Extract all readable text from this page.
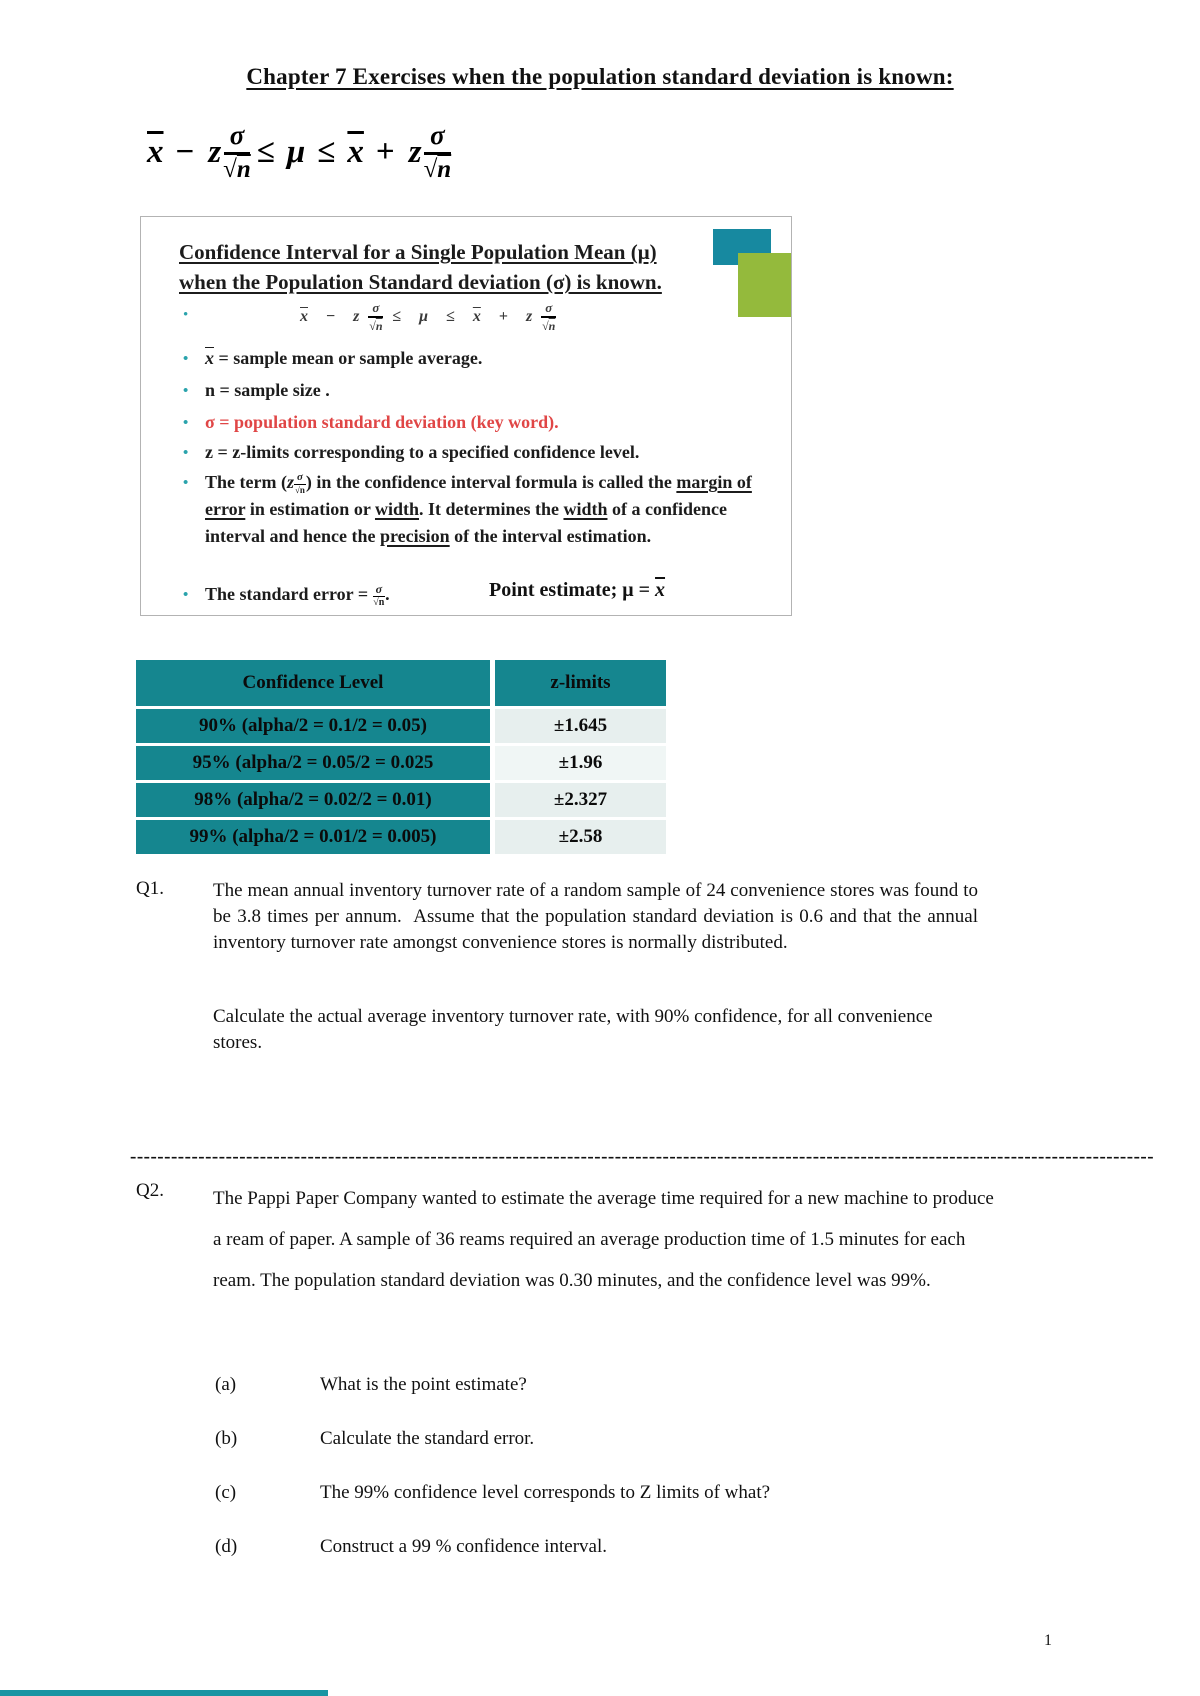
Chapter 7 Exercises when the population standard deviation is known:
$\overline{x} - z \frac{\sigma}{√n} \le \mu \le \overline{x} + z \frac{\sigma}{√n}$
Confidence Interval for a Single Population Mean (μ)
when the Population Standard deviation (σ) is known.
•	$\overline{x} - z \frac{\sigma}{√n} \le \mu \le \overline{x} + z \frac{\sigma}{√n}$
• $\overline{x}$ = sample mean or sample average.
• n = sample size .
• σ = population standard deviation (key word).
• z = z-limits corresponding to a specified confidence level.
• The term ($z \frac{\sigma}{√n}$ ) in the confidence interval formula is called the margin of error in estimation or width. It determines the width of a confidence interval and hence the precision of the interval estimation.
• The standard error = $\frac{\sigma}{√n}$ .	Point estimate; $\mu = \overline{x}$
Confidence Level	z-limits
90% (alpha/2 = 0.1/2 = 0.05)	±1.645
95% (alpha/2 = 0.05/2 = 0.025	±1.96
98% (alpha/2 = 0.02/2 = 0.01)	±2.327
99% (alpha/2 = 0.01/2 = 0.005)	±2.58
Q1.	The mean annual inventory turnover rate of a random sample of 24 convenience stores was found to be 3.8 times per annum.  Assume that the population standard deviation is 0.6 and that the annual inventory turnover rate amongst convenience stores is normally distributed.
Calculate the actual average inventory turnover rate, with 90% confidence, for all convenience stores.
------------------------------------------------------------------------------------------------------------------------------------------------------
Q2.	The Pappi Paper Company wanted to estimate the average time required for a new machine to produce a ream of paper. A sample of 36 reams required an average production time of 1.5 minutes for each ream. The population standard deviation was 0.30 minutes, and the confidence level was 99%.
(a)	What is the point estimate?
(b)	Calculate the standard error.
(c)	The 99% confidence level corresponds to Z limits of what?
(d)	Construct a 99 % confidence interval.
1
